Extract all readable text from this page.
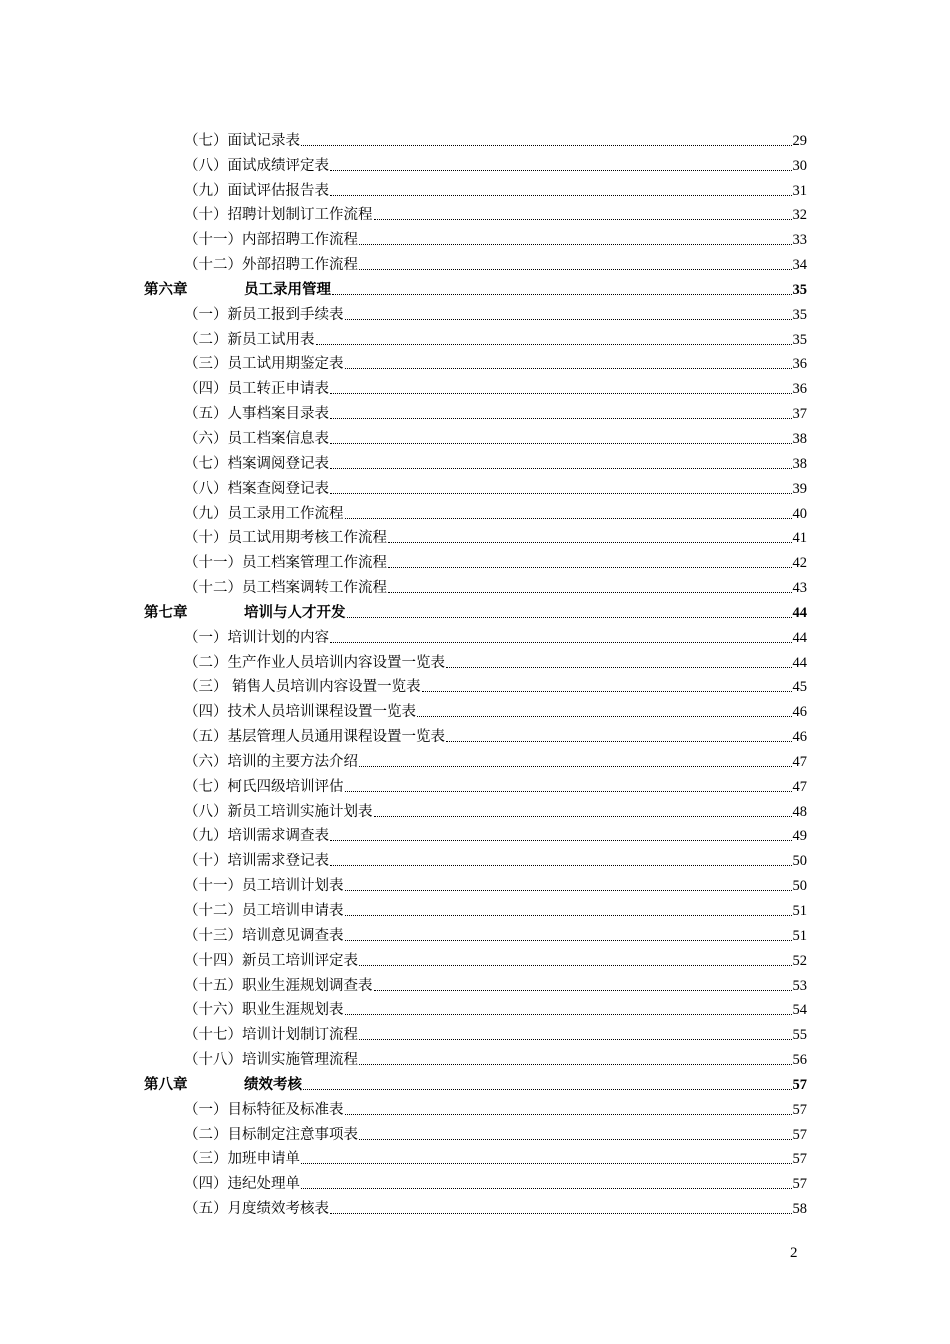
（七）面试记录表	29
（八）面试成绩评定表	30
（九）面试评估报告表	31
（十）招聘计划制订工作流程	32
（十一）内部招聘工作流程	33
（十二）外部招聘工作流程	34
第六章	员工录用管理	35
（一）新员工报到手续表	35
（二）新员工试用表	35
（三）员工试用期鉴定表	36
（四）员工转正申请表	36
（五）人事档案目录表	37
（六）员工档案信息表	38
（七）档案调阅登记表	38
（八）档案查阅登记表	39
（九）员工录用工作流程	40
（十）员工试用期考核工作流程	41
（十一）员工档案管理工作流程	42
（十二）员工档案调转工作流程	43
第七章	培训与人才开发	44
（一）培训计划的内容	44
（二）生产作业人员培训内容设置一览表	44
（三） 销售人员培训内容设置一览表	45
（四）技术人员培训课程设置一览表	46
（五）基层管理人员通用课程设置一览表	46
（六）培训的主要方法介绍	47
（七）柯氏四级培训评估	47
（八）新员工培训实施计划表	48
（九）培训需求调查表	49
（十）培训需求登记表	50
（十一）员工培训计划表	50
（十二）员工培训申请表	51
（十三）培训意见调查表	51
（十四）新员工培训评定表	52
（十五）职业生涯规划调查表	53
（十六）职业生涯规划表	54
（十七）培训计划制订流程	55
（十八）培训实施管理流程	56
第八章	绩效考核	57
（一）目标特征及标准表	57
（二）目标制定注意事项表	57
（三）加班申请单	57
（四）违纪处理单	57
（五）月度绩效考核表	58
2
